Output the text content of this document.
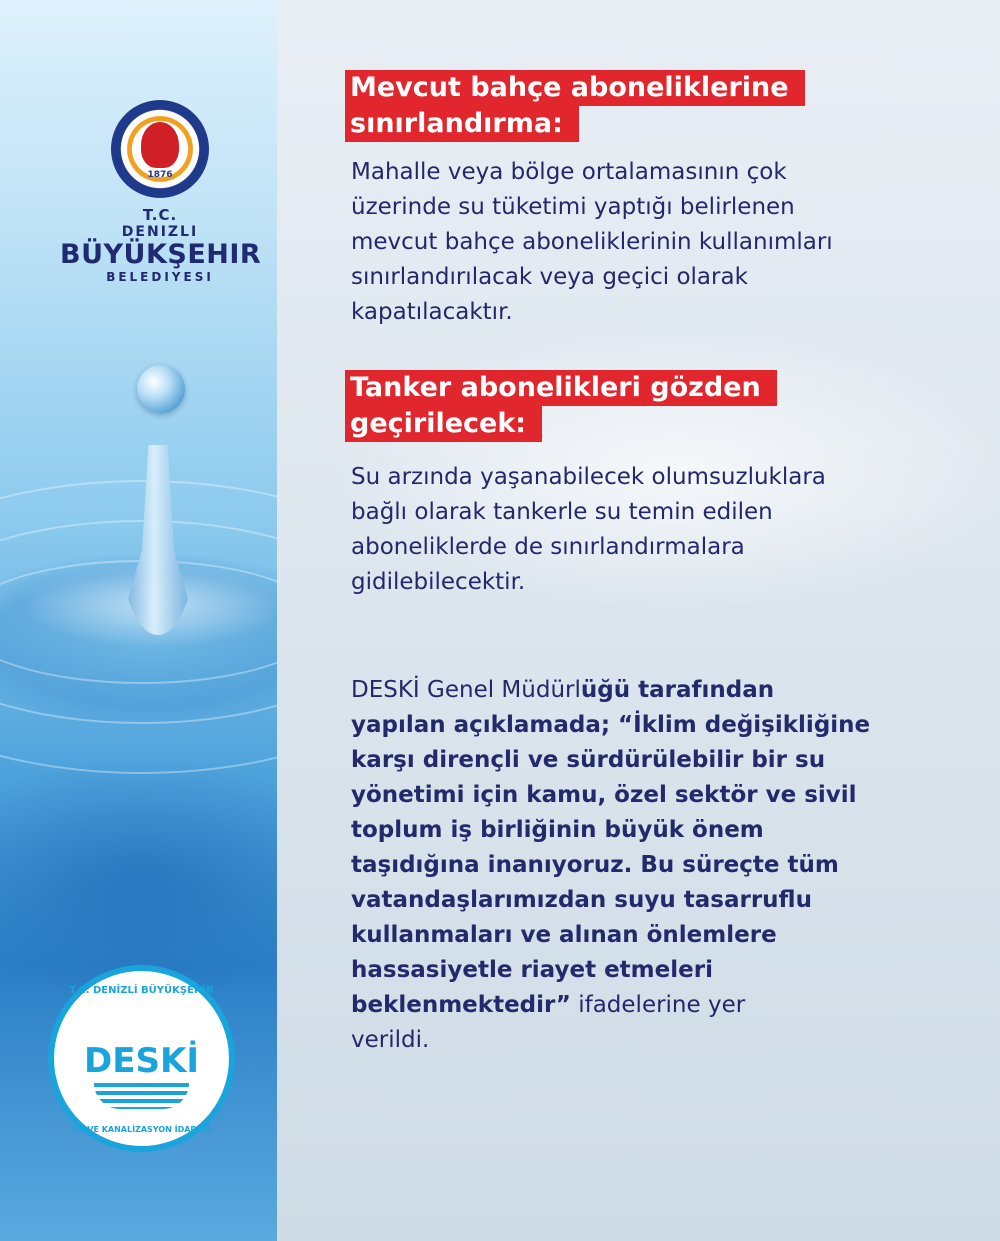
1876
T.C.
DENIZLI
BÜYÜKŞEHIR
BELEDIYESI
T.C. DENİZLİ BÜYÜKŞEHİR
DESKİ
SU VE KANALİZASYON İDARESİ
Mevcut bahçe aboneliklerine
sınırlandırma:
Mahalle veya bölge ortalamasının çok
üzerinde su tüketimi yaptığı belirlenen
mevcut bahçe aboneliklerinin kullanımları
sınırlandırılacak veya geçici olarak
kapatılacaktır.
Tanker abonelikleri gözden
geçirilecek:
Su arzında yaşanabilecek olumsuzluklara
bağlı olarak tankerle su temin edilen
aboneliklerde de sınırlandırmalara
gidilebilecektir.
DESKİ Genel Müdürlüğü tarafından
yapılan açıklamada; “İklim değişikliğine
karşı dirençli ve sürdürülebilir bir su
yönetimi için kamu, özel sektör ve sivil
toplum iş birliğinin büyük önem
taşıdığına inanıyoruz. Bu süreçte tüm
vatandaşlarımızdan suyu tasarruflu
kullanmaları ve alınan önlemlere
hassasiyetle riayet etmeleri
beklenmektedir” ifadelerine yer
verildi.
